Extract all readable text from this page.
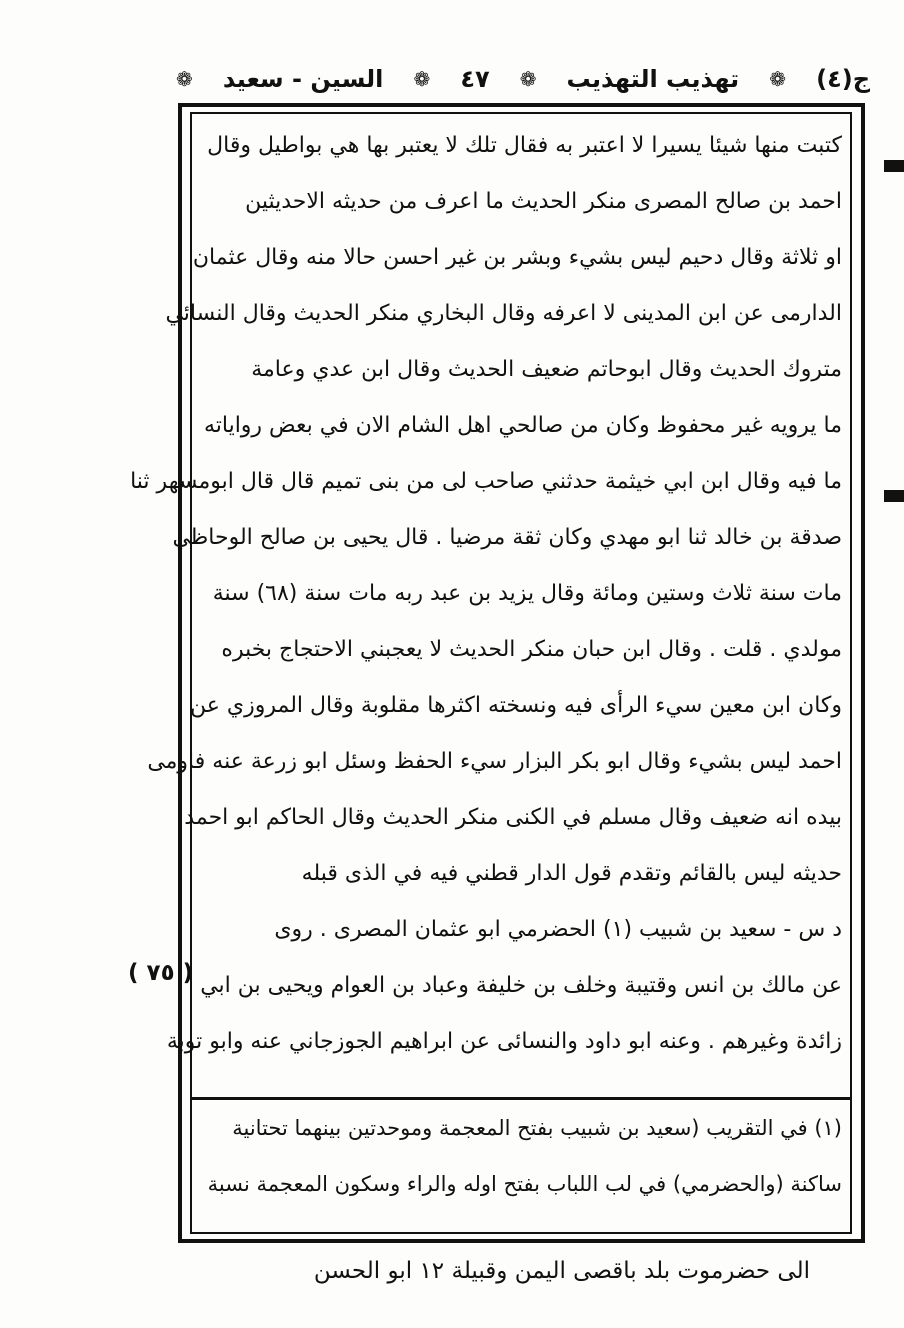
ج(٤)
❁
تهذيب التهذيب
❁
٤٧
❁
السين - سعيد
❁
كتبت منها شيئا يسيرا لا اعتبر به فقال تلك لا يعتبر بها هي بواطيل وقال
احمد بن صالح المصرى منكر الحديث ما اعرف من حديثه الاحديثين
او ثلاثة وقال دحيم ليس بشيء وبشر بن غير احسن حالا منه وقال عثمان
الدارمى عن ابن المدينى لا اعرفه وقال البخاري منكر الحديث وقال النسائي
متروك الحديث وقال ابوحاتم ضعيف الحديث وقال ابن عدي وعامة
ما يرويه غير محفوظ وكان من صالحي اهل الشام الان في بعض رواياته
ما فيه وقال ابن ابي خيثمة حدثني صاحب لى من بنى تميم قال قال ابومسهر ثنا
صدقة بن خالد ثنا ابو مهدي وكان ثقة مرضيا . قال يحيى بن صالح الوحاظي
مات سنة ثلاث وستين ومائة وقال يزيد بن عبد ربه مات سنة (٦٨) سنة
مولدي . قلت . وقال ابن حبان منكر الحديث لا يعجبني الاحتجاج بخبره
وكان ابن معين سيء الرأى فيه ونسخته اكثرها مقلوبة وقال المروزي عن
احمد ليس بشيء وقال ابو بكر البزار سيء الحفظ وسئل ابو زرعة عنه فاومى
بيده انه ضعيف وقال مسلم في الكنى منكر الحديث وقال الحاكم ابو احمد
حديثه ليس بالقائم وتقدم قول الدار قطني فيه في الذى قبله
د س - سعيد بن شبيب (١) الحضرمي ابو عثمان المصرى . روى
عن مالك بن انس وقتيبة وخلف بن خليفة وعباد بن العوام ويحيى بن ابي
زائدة وغيرهم . وعنه ابو داود والنسائى عن ابراهيم الجوزجاني عنه وابو توبة
(١) في التقريب (سعيد بن شبيب بفتح المعجمة وموحدتين بينهما تحتانية
ساكنة (والحضرمي) في لب اللباب بفتح اوله والراء وسكون المعجمة نسبة
الى حضرموت بلد باقصى اليمن وقبيلة ١٢ ابو الحسن
( ٧٥ )
